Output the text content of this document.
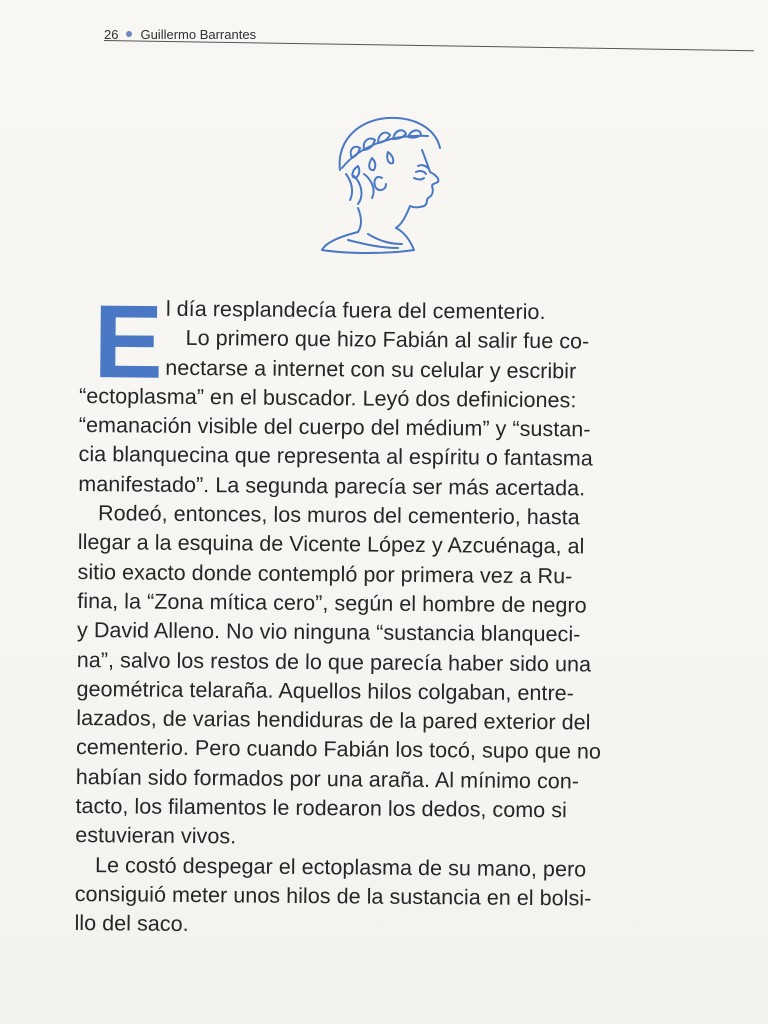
26 Guillermo Barrantes
E l día resplandecía fuera del cementerio.
Lo primero que hizo Fabián al salir fue co-
nectarse a internet con su celular y escribir
“ectoplasma” en el buscador. Leyó dos definiciones:
“emanación visible del cuerpo del médium” y “sustan-
cia blanquecina que representa al espíritu o fantasma
manifestado”. La segunda parecía ser más acertada.
Rodeó, entonces, los muros del cementerio, hasta
llegar a la esquina de Vicente López y Azcuénaga, al
sitio exacto donde contempló por primera vez a Ru-
fina, la “Zona mítica cero”, según el hombre de negro
y David Alleno. No vio ninguna “sustancia blanqueci-
na”, salvo los restos de lo que parecía haber sido una
geométrica telaraña. Aquellos hilos colgaban, entre-
lazados, de varias hendiduras de la pared exterior del
cementerio. Pero cuando Fabián los tocó, supo que no
habían sido formados por una araña. Al mínimo con-
tacto, los filamentos le rodearon los dedos, como si
estuvieran vivos.
Le costó despegar el ectoplasma de su mano, pero
consiguió meter unos hilos de la sustancia en el bolsi-
llo del saco.
